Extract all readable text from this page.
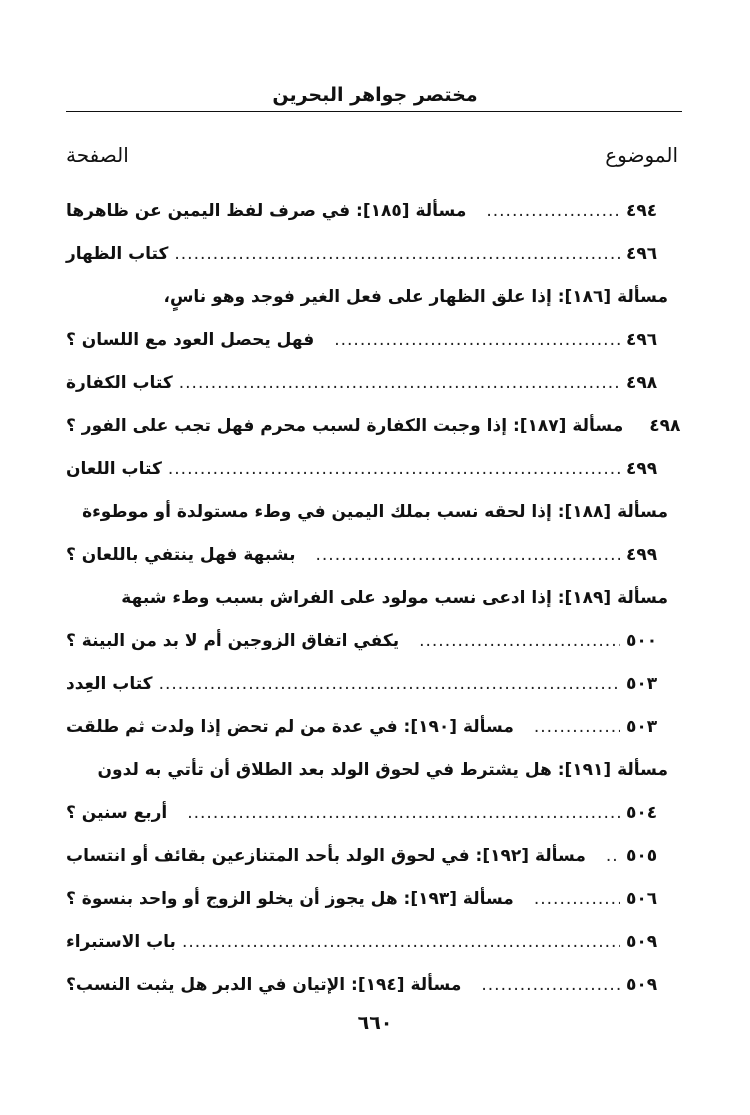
مختصر جواهر البحرين
الموضوع
الصفحة
مسألة [١٨٥]: في صرف لفظ اليمين عن ظاهرها .....	٤٩٤
كتاب الظهار .....	٤٩٦
مسألة [١٨٦]: إذا علق الظهار على فعل الغير فوجد وهو ناسٍ،
فهل يحصل العود مع اللسان ؟ .....	٤٩٦
كتاب الكفارة .....	٤٩٨
مسألة [١٨٧]: إذا وجبت الكفارة لسبب محرم فهل تجب على الفور ؟	٤٩٨
كتاب اللعان .....	٤٩٩
مسألة [١٨٨]: إذا لحقه نسب بملك اليمين في وطء مستولدة أو موطوءة
بشبهة فهل ينتفي باللعان ؟ .....	٤٩٩
مسألة [١٨٩]: إذا ادعى نسب مولود على الفراش بسبب وطء شبهة
يكفي اتفاق الزوجين أم لا بد من البينة ؟ .....	٥٠٠
كتاب العِدد .....	٥٠٣
مسألة [١٩٠]: في عدة من لم تحض إذا ولدت ثم طلقت .....	٥٠٣
مسألة [١٩١]: هل يشترط في لحوق الولد بعد الطلاق أن تأتي به لدون
أربع سنين ؟ .....	٥٠٤
مسألة [١٩٢]: في لحوق الولد بأحد المتنازعين بقائف أو انتساب .....	٥٠٥
مسألة [١٩٣]: هل يجوز أن يخلو الزوج أو واحد بنسوة ؟ .....	٥٠٦
باب الاستبراء .....	٥٠٩
مسألة [١٩٤]: الإتيان في الدبر هل يثبت النسب؟ .....	٥٠٩
٦٦٠
